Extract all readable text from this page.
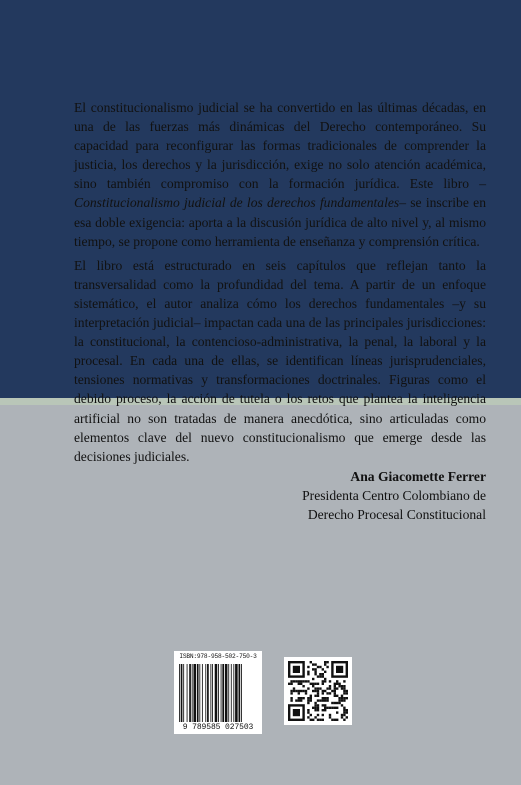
El constitucionalismo judicial se ha convertido en las últimas décadas, en una de las fuerzas más dinámicas del Derecho contemporáneo. Su capacidad para reconfigurar las formas tradicionales de comprender la justicia, los derechos y la jurisdicción, exige no solo atención académica, sino también compromiso con la formación jurídica. Este libro –Constitucionalismo judicial de los derechos fundamentales– se inscribe en esa doble exigencia: aporta a la discusión jurídica de alto nivel y, al mismo tiempo, se propone como herramienta de enseñanza y comprensión crítica.

El libro está estructurado en seis capítulos que reflejan tanto la transversalidad como la profundidad del tema. A partir de un enfoque sistemático, el autor analiza cómo los derechos fundamentales –y su interpretación judicial– impactan cada una de las principales jurisdicciones: la constitucional, la contencioso-administrativa, la penal, la laboral y la procesal. En cada una de ellas, se identifican líneas jurisprudenciales, tensiones normativas y transformaciones doctrinales. Figuras como el debido proceso, la acción de tutela o los retos que plantea la inteligencia artificial no son tratadas de manera anecdótica, sino articuladas como elementos clave del nuevo constitucionalismo que emerge desde las decisiones judiciales.

Ana Giacomette Ferrer
Presidenta Centro Colombiano de
Derecho Procesal Constitucional
ISBN:978-958-502-750-3
9 789585 027503
